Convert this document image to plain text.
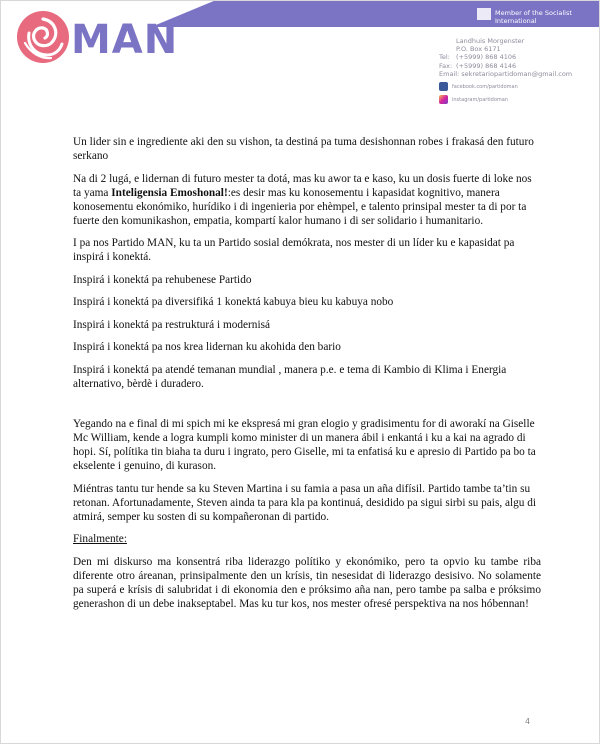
Member of the Socialist International
MAN	Landhuis Morgenster
P.O. Box 6171
Tel: (+5999) 868 4106
Fax: (+5999) 868 4146
Email: sekretariopartidoman@gmail.com
facebook.com/partidoman
instagram/partidoman

Un lider sin e ingrediente aki den su vishon, ta destiná pa tuma desishonnan robes i frakasá den futuro serkano

Na di 2 lugá, e lidernan di futuro mester ta dotá, mas ku awor ta e kaso, ku un dosis fuerte di loke nos ta yama Inteligensia Emoshonal!:es desir mas ku konosementu i kapasidat kognitivo, manera konosementu ekonómiko, hurídiko i di ingenieria por ehèmpel, e talento prinsipal mester ta di por ta fuerte den komunikashon, empatia, kompartí kalor humano i di ser solidario i humanitario.

I pa nos Partido MAN, ku ta un Partido sosial demókrata, nos mester di un líder ku e kapasidat pa inspirá i konektá.

Inspirá i konektá pa rehubenese Partido

Inspirá i konektá pa diversifiká 1 konektá kabuya bieu ku kabuya nobo

Inspirá i konektá pa restrukturá i modernisá

Inspirá i konektá pa nos krea lidernan ku akohida den bario

Inspirá i konektá pa atendé temanan mundial , manera p.e. e tema di Kambio di Klima i Energia alternativo, bèrdè i duradero.

Yegando na e final di mi spich mi ke ekspresá mi gran elogio y gradisimentu for di aworakí na Giselle Mc William, kende a logra kumpli komo minister di un manera ábil i enkantá i ku a kai na agrado di hopi. Sí, polítika tin biaha ta duru i ingrato, pero Giselle, mi ta enfatisá ku e apresio di Partido pa bo ta ekselente i genuino, di kurason.

Miéntras tantu tur hende sa ku Steven Martina i su famia a pasa un aña difísil. Partido tambe ta’tin su retonan. Afortunadamente, Steven ainda ta para kla pa kontinuá, desidido pa sigui sirbi su pais, algu di atmirá, semper ku sosten di su kompañeronan di partido.

Finalmente:

Den mi diskurso ma konsentrá riba liderazgo polítiko y ekonómiko, pero ta opvio ku tambe riba diferente otro áreanan, prinsipalmente den un krísis, tin nesesidat di liderazgo desisivo. No solamente pa superá e krísis di salubridat i di ekonomia den e próksimo aña nan, pero tambe pa salba e próksimo generashon di un debe inakseptabel. Mas ku tur kos, nos mester ofresé perspektiva na nos hóbennan!

4
